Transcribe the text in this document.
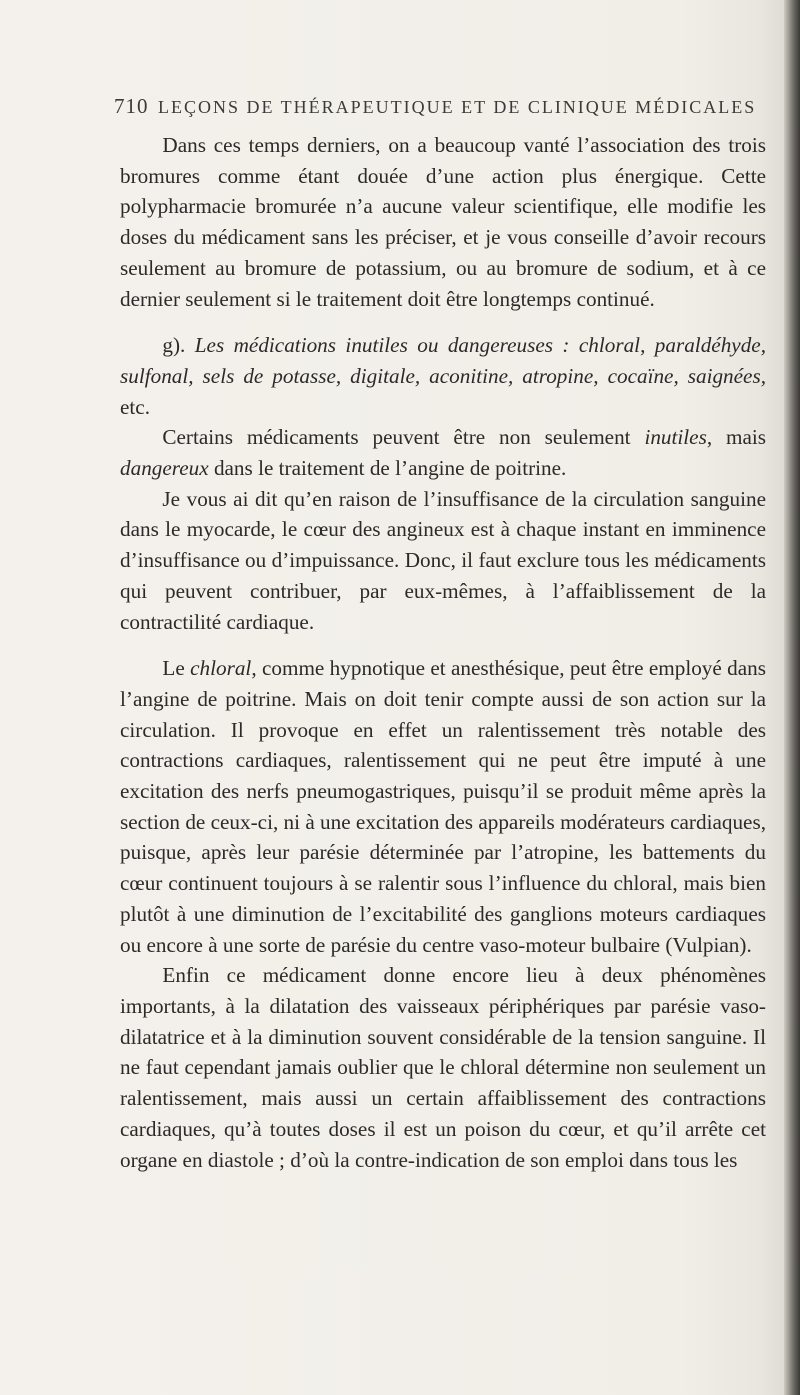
710 LEÇONS DE THÉRAPEUTIQUE ET DE CLINIQUE MÉDICALES

Dans ces temps derniers, on a beaucoup vanté l’association des trois bromures comme étant douée d’une action plus énergique. Cette polypharmacie bromurée n’a aucune valeur scientifique, elle modifie les doses du médicament sans les préciser, et je vous conseille d’avoir recours seulement au bromure de potassium, ou au bromure de sodium, et à ce dernier seulement si le traitement doit être longtemps continué.

g). Les médications inutiles ou dangereuses : chloral, paraldéhyde, sulfonal, sels de potasse, digitale, aconitine, atropine, cocaïne, saignées, etc.

Certains médicaments peuvent être non seulement inutiles, mais dangereux dans le traitement de l’angine de poitrine.

Je vous ai dit qu’en raison de l’insuffisance de la circulation sanguine dans le myocarde, le cœur des angineux est à chaque instant en imminence d’insuffisance ou d’impuissance. Donc, il faut exclure tous les médicaments qui peuvent contribuer, par eux-mêmes, à l’affaiblissement de la contractilité cardiaque.

Le chloral, comme hypnotique et anesthésique, peut être employé dans l’angine de poitrine. Mais on doit tenir compte aussi de son action sur la circulation. Il provoque en effet un ralentissement très notable des contractions cardiaques, ralentissement qui ne peut être imputé à une excitation des nerfs pneumogastriques, puisqu’il se produit même après la section de ceux-ci, ni à une excitation des appareils modérateurs cardiaques, puisque, après leur parésie déterminée par l’atropine, les battements du cœur continuent toujours à se ralentir sous l’influence du chloral, mais bien plutôt à une diminution de l’excitabilité des ganglions moteurs cardiaques ou encore à une sorte de parésie du centre vaso-moteur bulbaire (Vulpian).

Enfin ce médicament donne encore lieu à deux phénomènes importants, à la dilatation des vaisseaux périphériques par parésie vaso-dilatatrice et à la diminution souvent considérable de la tension sanguine. Il ne faut cependant jamais oublier que le chloral détermine non seulement un ralentissement, mais aussi un certain affaiblissement des contractions cardiaques, qu’à toutes doses il est un poison du cœur, et qu’il arrête cet organe en diastole ; d’où la contre-indication de son emploi dans tous les
